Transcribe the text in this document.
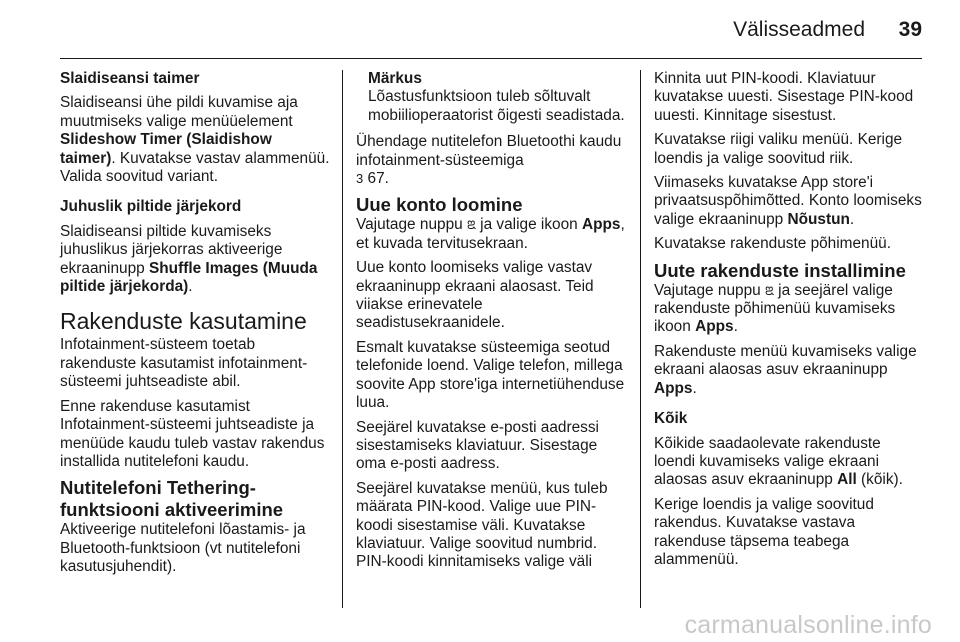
Välisseadmed 39

Slaidiseansi taimer

Slaidiseansi ühe pildi kuvamise aja muutmiseks valige menüüelement Slideshow Timer (Slaidishow taimer). Kuvatakse vastav alammenüü. Valida soovitud variant.

Juhuslik piltide järjekord

Slaidiseansi piltide kuvamiseks juhuslikus järjekorras aktiveerige ekraaninupp Shuffle Images (Muuda piltide järjekorda).

Rakenduste kasutamine

Infotainment-süsteem toetab rakenduste kasutamist infotainment-süsteemi juhtseadiste abil.

Enne rakenduse kasutamist Infotainment-süsteemi juhtseadiste ja menüüde kaudu tuleb vastav rakendus installida nutitelefoni kaudu.

Nutitelefoni Tethering-
funktsiooni aktiveerimine

Aktiveerige nutitelefoni lõastamis- ja Bluetooth-funktsioon (vt nutitelefoni kasutusjuhendit).

Märkus
Lõastusfunktsioon tuleb sõltuvalt mobiilioperaatorist õigesti seadistada.

Ühendage nutitelefon Bluetoothi kaudu infotainment-süsteemiga
3 67.

Uue konto loomine

Vajutage nuppu ꢃ ja valige ikoon Apps, et kuvada tervitusekraan.

Uue konto loomiseks valige vastav ekraaninupp ekraani alaosast. Teid viiakse erinevatele seadistusekraanidele.

Esmalt kuvatakse süsteemiga seotud telefonide loend. Valige telefon, millega soovite App store'iga internetiühenduse luua.

Seejärel kuvatakse e-posti aadressi sisestamiseks klaviatuur. Sisestage oma e-posti aadress.

Seejärel kuvatakse menüü, kus tuleb määrata PIN-kood. Valige uue PIN-koodi sisestamise väli. Kuvatakse klaviatuur. Valige soovitud numbrid. PIN-koodi kinnitamiseks valige väli

Kinnita uut PIN-koodi. Klaviatuur kuvatakse uuesti. Sisestage PIN-kood uuesti. Kinnitage sisestust.

Kuvatakse riigi valiku menüü. Kerige loendis ja valige soovitud riik.

Viimaseks kuvatakse App store'i privaatsuspõhimõtted. Konto loomiseks valige ekraaninupp Nõustun.

Kuvatakse rakenduste põhimenüü.

Uute rakenduste installimine

Vajutage nuppu ꢃ ja seejärel valige rakenduste põhimenüü kuvamiseks ikoon Apps.

Rakenduste menüü kuvamiseks valige ekraani alaosas asuv ekraaninupp Apps.

Kõik

Kõikide saadaolevate rakenduste loendi kuvamiseks valige ekraani alaosas asuv ekraaninupp All (kõik).

Kerige loendis ja valige soovitud rakendus. Kuvatakse vastava rakenduse täpsema teabega alammenüü.

carmanualsonline.info
